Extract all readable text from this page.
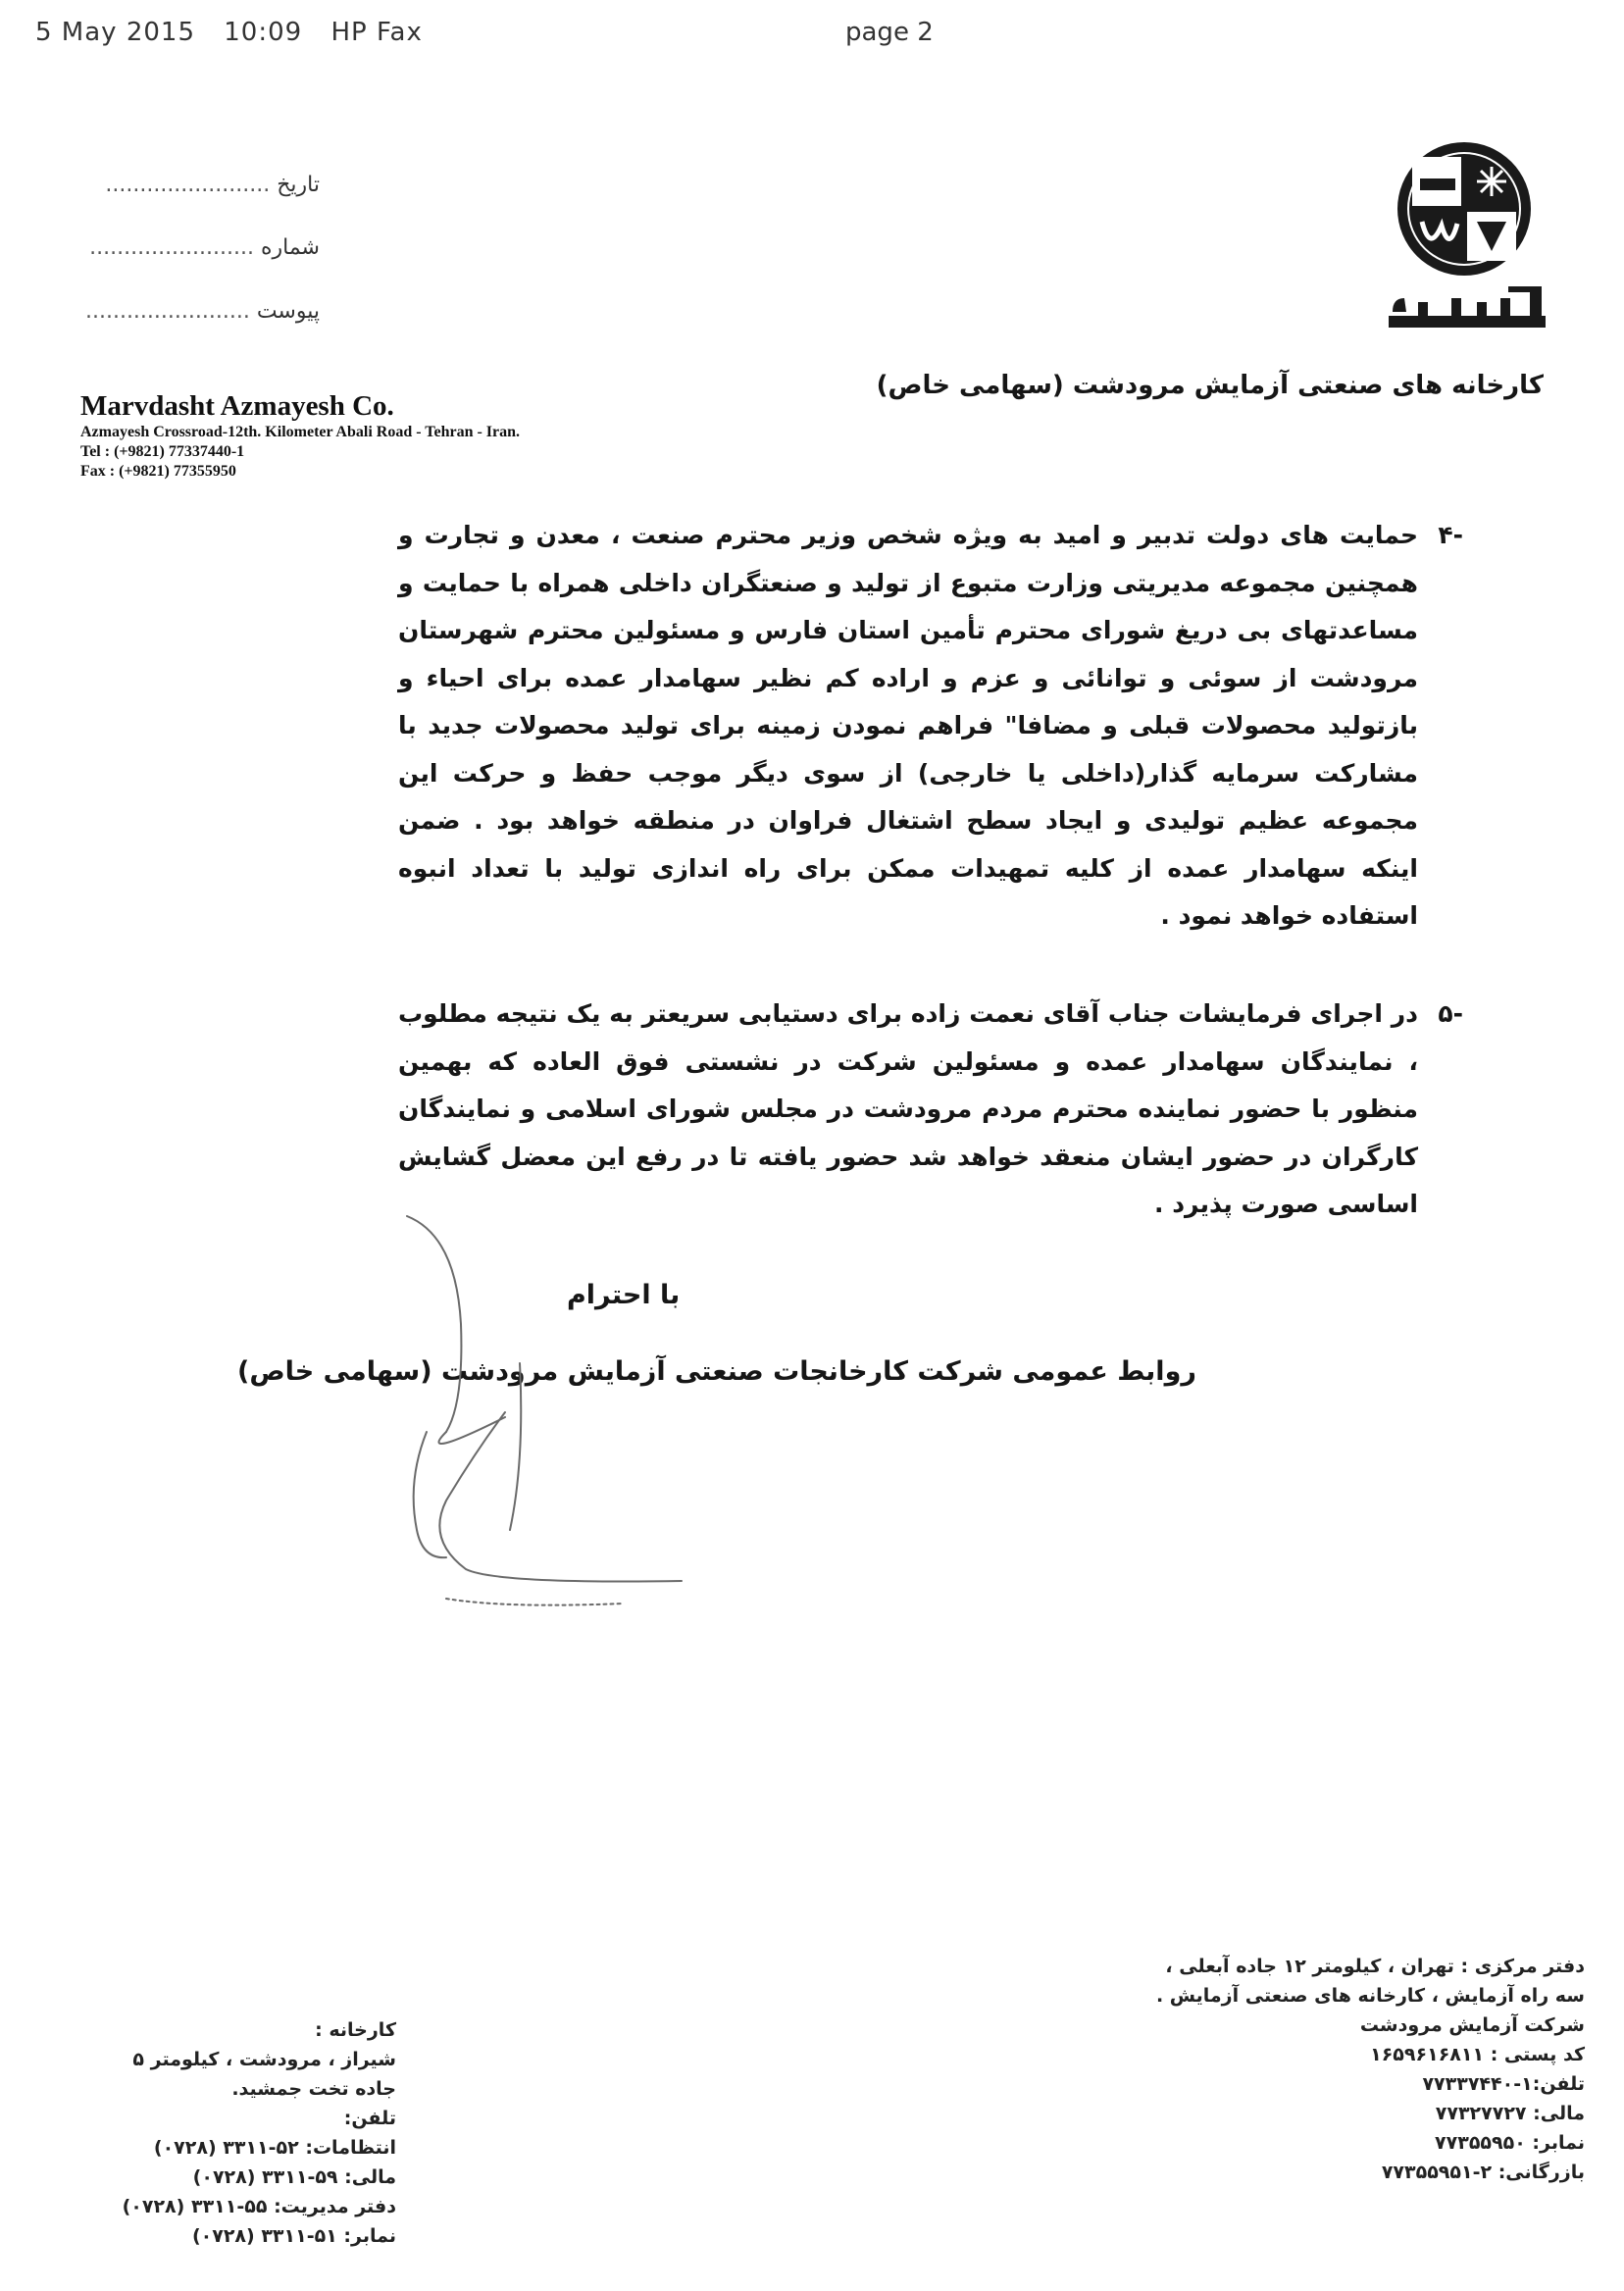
5 May 2015 10:09 HP Fax	page 2
تاریخ ........................
شماره ........................
پیوست ........................
آزمایش
کارخانه های صنعتی آزمایش مرودشت (سهامی خاص)
Marvdasht Azmayesh Co.
Azmayesh Crossroad-12th. Kilometer Abali Road - Tehran - Iran.
Tel : (+9821) 77337440-1
Fax : (+9821) 77355950
-۴
حمایت های دولت تدبیر و امید به ویژه شخص وزیر محترم صنعت ، معدن و تجارت و همچنین مجموعه مدیریتی وزارت متبوع از تولید و صنعتگران داخلی همراه با حمایت و مساعدتهای بی دریغ شورای محترم تأمین استان فارس و مسئولین محترم شهرستان مرودشت از سوئی و توانائی و عزم و اراده کم نظیر سهامدار عمده برای احیاء و بازتولید محصولات قبلی و مضافا" فراهم نمودن زمینه برای تولید محصولات جدید با مشارکت سرمایه گذار(داخلی یا خارجی) از سوی دیگر موجب حفظ و حرکت این مجموعه عظیم تولیدی و ایجاد سطح اشتغال فراوان در منطقه خواهد بود . ضمن اینکه سهامدار عمده از کلیه تمهیدات ممکن برای راه اندازی تولید با تعداد انبوه استفاده خواهد نمود .
-۵
در اجرای فرمایشات جناب آقای نعمت زاده برای دستیابی سریعتر به یک نتیجه مطلوب ، نمایندگان سهامدار عمده و مسئولین شرکت در نشستی فوق العاده که بهمین منظور با حضور نماینده محترم مردم مرودشت در مجلس شورای اسلامی و نمایندگان کارگران در حضور ایشان منعقد خواهد شد حضور یافته تا در رفع این معضل گشایش اساسی صورت پذیرد .
با احترام
روابط عمومی شرکت کارخانجات صنعتی آزمایش مرودشت (سهامی خاص)
کارخانه :
شیراز ، مرودشت ، کیلومتر ۵
جاده تخت جمشید.
تلفن:
انتظامات: ۵۲-۳۳۱۱ (۰۷۲۸)
مالی: ۵۹-۳۳۱۱ (۰۷۲۸)
دفتر مدیریت: ۵۵-۳۳۱۱ (۰۷۲۸)
نمابر: ۵۱-۳۳۱۱ (۰۷۲۸)
دفتر مرکزی : تهران ، کیلومتر ۱۲ جاده آبعلی ،
سه راه آزمایش ، کارخانه های صنعتی آزمایش .
شرکت آزمایش مرودشت
کد پستی : ۱۶۵۹۶۱۶۸۱۱
تلفن:۱-۷۷۳۳۷۴۴۰
مالی: ۷۷۳۲۷۷۲۷
نمابر: ۷۷۳۵۵۹۵۰
بازرگانی: ۲-۷۷۳۵۵۹۵۱
